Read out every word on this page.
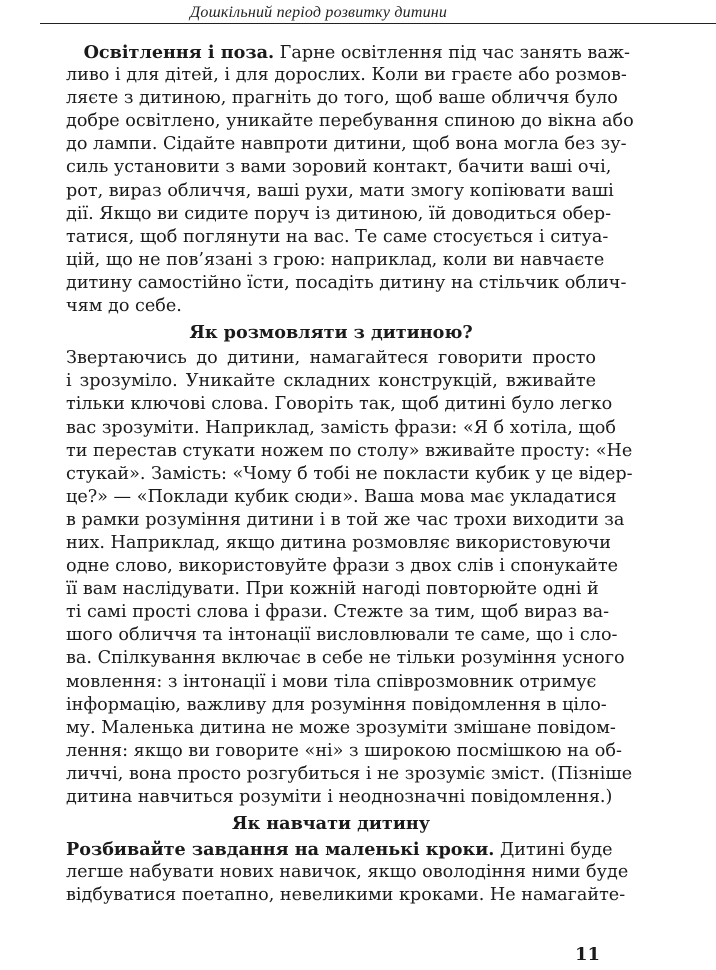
Дошкільний період розвитку дитини
  Освітлення і поза. Гарне освітлення під час занять важ-
ливо і для дітей, і для дорослих. Коли ви граєте або розмов-
ляєте з дитиною, прагніть до того, щоб ваше обличчя було
добре освітлено, уникайте перебування спиною до вікна або
до лампи. Сідайте навпроти дитини, щоб вона могла без зу-
силь установити з вами зоровий контакт, бачити ваші очі,
рот, вираз обличчя, ваші рухи, мати змогу копіювати ваші
дії. Якщо ви сидите поруч із дитиною, їй доводиться обер-
татися, щоб поглянути на вас. Те саме стосується і ситуа-
цій, що не пов’язані з грою: наприклад, коли ви навчаєте
дитину самостійно їсти, посадіть дитину на стільчик облич-
чям до себе.
Як розмовляти з дитиною?
Звертаючись до дитини, намагайтеся говорити просто
і зрозуміло. Уникайте складних конструкцій, вживайте
тільки ключові слова. Говоріть так, щоб дитині було легко
вас зрозуміти. Наприклад, замість фрази: «Я б хотіла, щоб
ти перестав стукати ножем по столу» вживайте просту: «Не
стукай». Замість: «Чому б тобі не покласти кубик у це відер-
це?» — «Поклади кубик сюди». Ваша мова має укладатися
в рамки розуміння дитини і в той же час трохи виходити за
них. Наприклад, якщо дитина розмовляє використовуючи
одне слово, використовуйте фрази з двох слів і спонукайте
її вам наслідувати. При кожній нагоді повторюйте одні й
ті самі прості слова і фрази. Стежте за тим, щоб вираз ва-
шого обличчя та інтонації висловлювали те саме, що і сло-
ва. Спілкування включає в себе не тільки розуміння усного
мовлення: з інтонації і мови тіла співрозмовник отримує
інформацію, важливу для розуміння повідомлення в ціло-
му. Маленька дитина не може зрозуміти змішане повідом-
лення: якщо ви говорите «ні» з широкою посмішкою на об-
личчі, вона просто розгубиться і не зрозуміє зміст. (Пізніше
дитина навчиться розуміти і неоднозначні повідомлення.)
Як навчати дитину
Розбивайте завдання на маленькі кроки. Дитині буде
легше набувати нових навичок, якщо оволодіння ними буде
відбуватися поетапно, невеликими кроками. Не намагайте-
11
